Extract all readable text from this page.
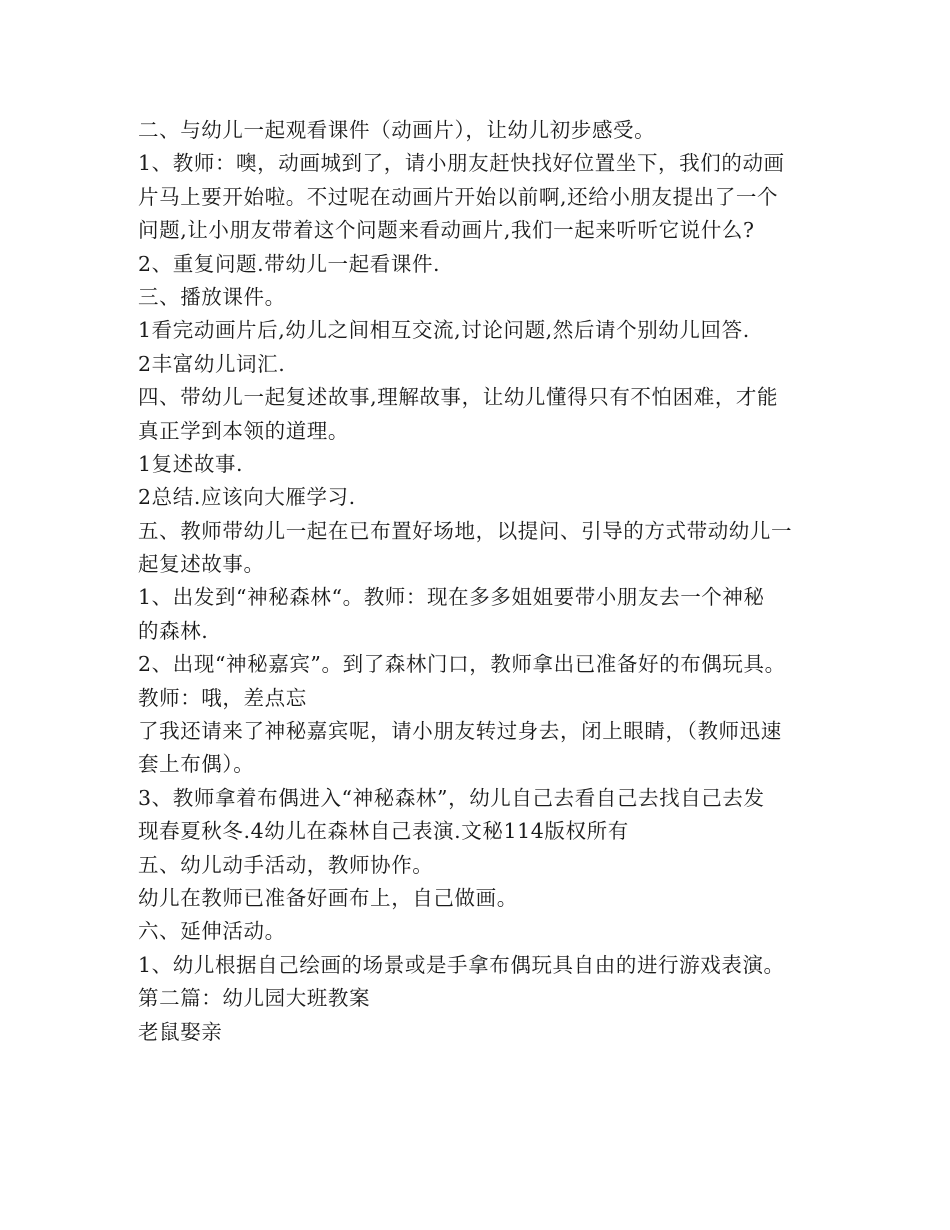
二、与幼儿一起观看课件（动画片），让幼儿初步感受。
1、教师：噢，动画城到了，请小朋友赶快找好位置坐下，我们的动画
片马上要开始啦。不过呢在动画片开始以前啊,还给小朋友提出了一个
问题,让小朋友带着这个问题来看动画片,我们一起来听听它说什么?
2、重复问题.带幼儿一起看课件.
三、播放课件。
1看完动画片后,幼儿之间相互交流,讨论问题,然后请个别幼儿回答.
2丰富幼儿词汇.
四、带幼儿一起复述故事,理解故事，让幼儿懂得只有不怕困难，才能
真正学到本领的道理。
1复述故事.
2总结.应该向大雁学习.
五、教师带幼儿一起在已布置好场地，以提问、引导的方式带动幼儿一
起复述故事。
1、出发到“神秘森林“。教师：现在多多姐姐要带小朋友去一个神秘
的森林.
2、出现“神秘嘉宾”。到了森林门口，教师拿出已准备好的布偶玩具。
教师：哦，差点忘
了我还请来了神秘嘉宾呢，请小朋友转过身去，闭上眼睛，（教师迅速
套上布偶）。
3、教师拿着布偶进入“神秘森林”，幼儿自己去看自己去找自己去发
现春夏秋冬.4幼儿在森林自己表演.文秘114版权所有
五、幼儿动手活动，教师协作。
幼儿在教师已准备好画布上，自己做画。
六、延伸活动。
1、幼儿根据自己绘画的场景或是手拿布偶玩具自由的进行游戏表演。
第二篇：幼儿园大班教案
老鼠娶亲
